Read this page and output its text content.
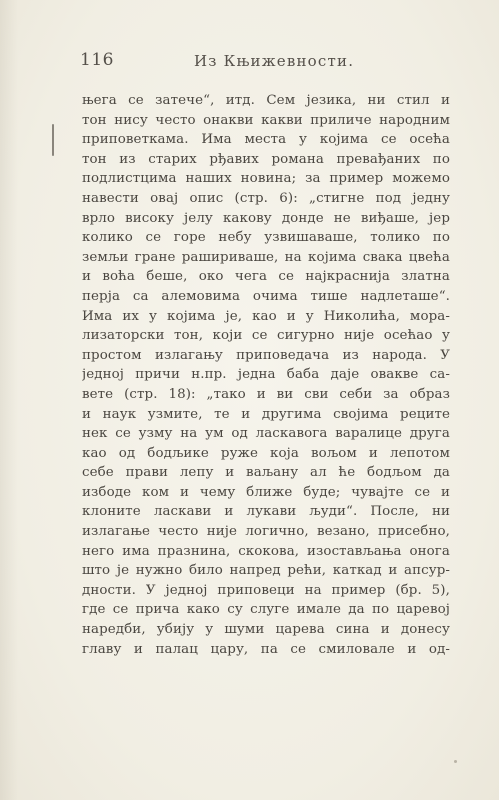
116	Из Књижевности.
њега се затече“, итд. Сем језика, ни стил и
тон нису често онакви какви приличе народним
приповеткама. Има места у којима се осећа
тон из старих рђавих романа превађаних по
подлистцима наших новина; за пример можемо
навести овај опис (стр. 6): „стигне под једну
врло високу јелу какову донде не виђаше, јер
колико се горе небу узвишаваше, толико по
земљи гране рашириваше, на којима свака цвећа
и воћа беше, око чега се најкраснија златна
перја са алемовима очима тише надлеташе“.
Има их у којима је, као и у Николића, мора-
лизаторски тон, који се сигурно није осећао у
простом излагању приповедача из народа. У
једној причи н.пр. једна баба даје овакве са-
вете (стр. 18): „тако и ви сви себи за образ
и наук узмите, те и другима својима реците
нек се узму на ум од ласкавога варалице друга
као од бодљике руже која вољом и лепотом
себе прави лепу и ваљану ал ће бодљом да
избоде ком и чему ближе буде; чувајте се и
клоните ласкави и лукави људи“. После, ни
излагање често није логично, везано, присебно,
него има празнина, скокова, изостављања онога
што је нужно било напред рећи, каткад и апсур-
дности. У једној приповеци на пример (бр. 5),
где се прича како су слуге имале да по царевој
наредби, убију у шуми царева сина и донесу
главу и палац цару, па се смиловале и од-
